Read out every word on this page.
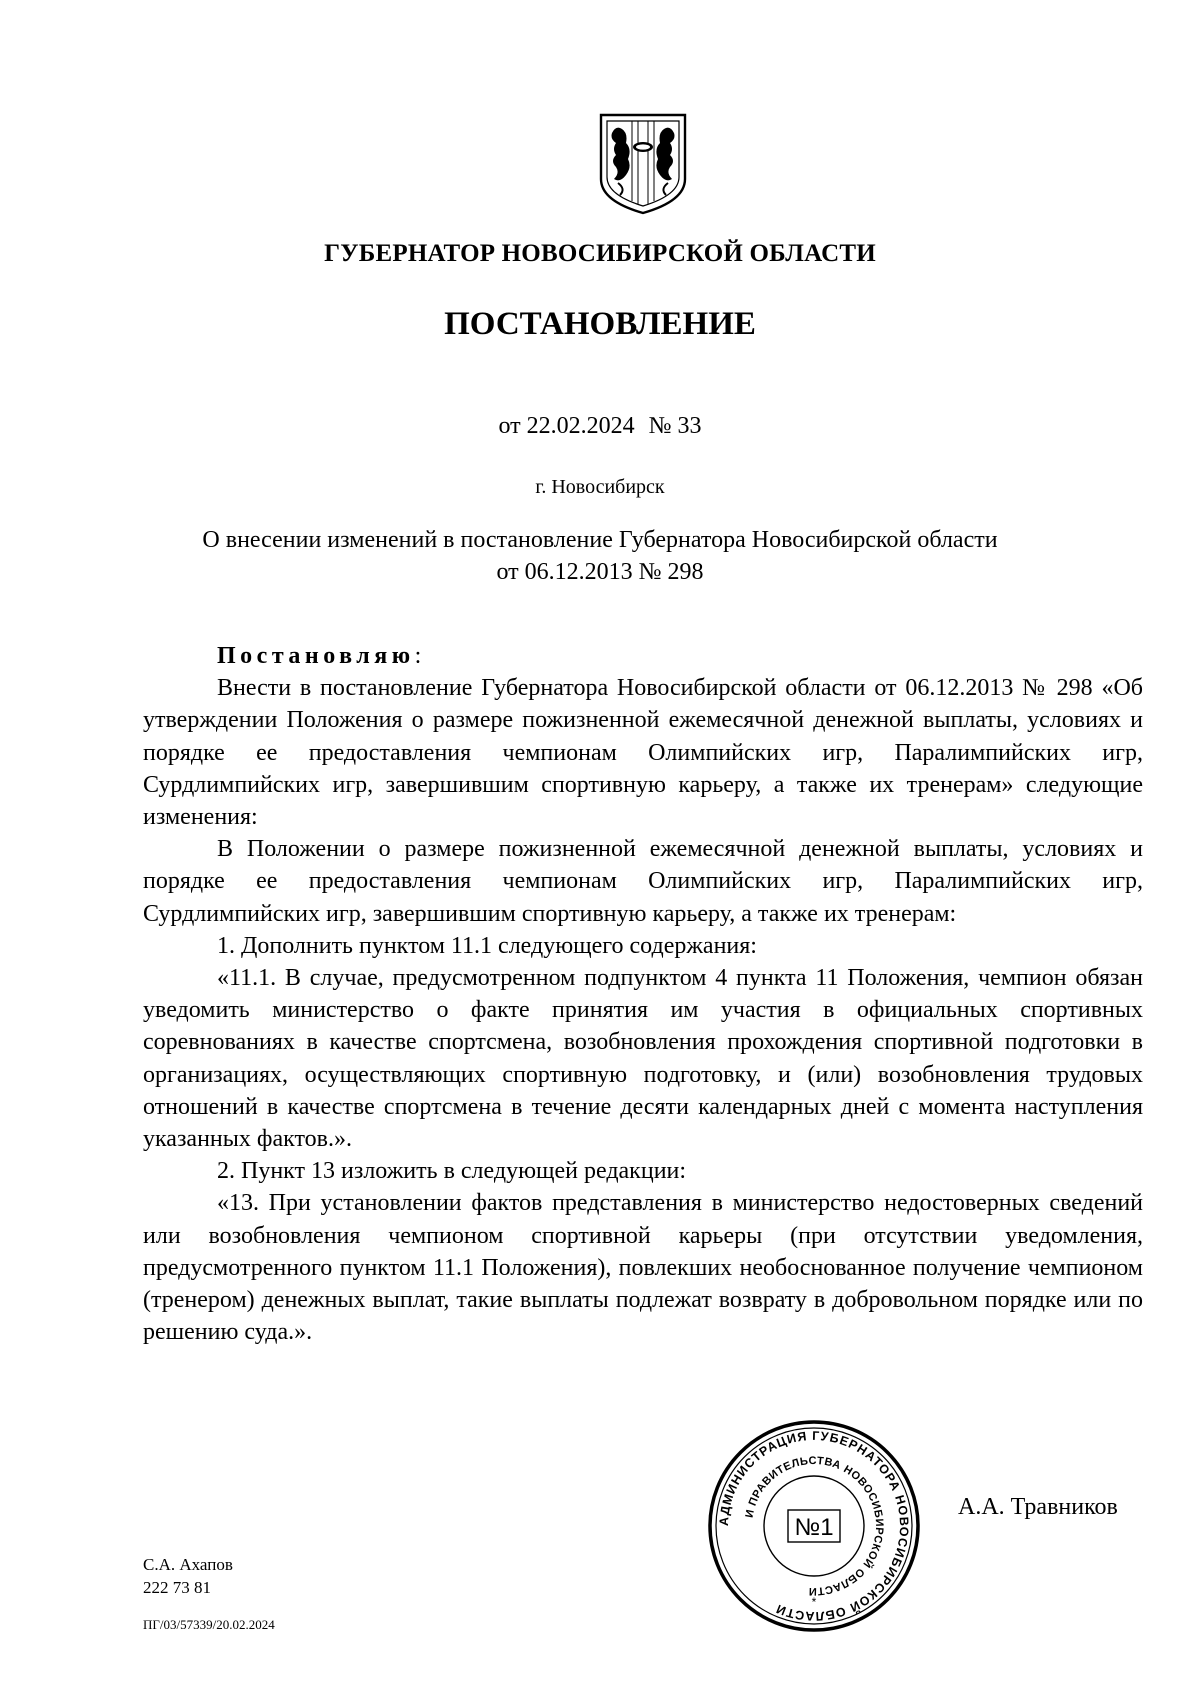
ГУБЕРНАТОР НОВОСИБИРСКОЙ ОБЛАСТИ
ПОСТАНОВЛЕНИЕ
от 22.02.2024 № 33
г. Новосибирск
О внесении изменений в постановление Губернатора Новосибирской области
от 06.12.2013 № 298
Постановляю:

Внести в постановление Губернатора Новосибирской области от 06.12.2013 № 298 «Об утверждении Положения о размере пожизненной ежемесячной денежной выплаты, условиях и порядке ее предоставления чемпионам Олимпийских игр, Паралимпийских игр, Сурдлимпийских игр, завершившим спортивную карьеру, а также их тренерам» следующие изменения:

В Положении о размере пожизненной ежемесячной денежной выплаты, условиях и порядке ее предоставления чемпионам Олимпийских игр, Паралимпийских игр, Сурдлимпийских игр, завершившим спортивную карьеру, а также их тренерам:

1. Дополнить пунктом 11.1 следующего содержания:

«11.1. В случае, предусмотренном подпунктом 4 пункта 11 Положения, чемпион обязан уведомить министерство о факте принятия им участия в официальных спортивных соревнованиях в качестве спортсмена, возобновления прохождения спортивной подготовки в организациях, осуществляющих спортивную подготовку, и (или) возобновления трудовых отношений в качестве спортсмена в течение десяти календарных дней с момента наступления указанных фактов.».

2. Пункт 13 изложить в следующей редакции:

«13. При установлении фактов представления в министерство недостоверных сведений или возобновления чемпионом спортивной карьеры (при отсутствии уведомления, предусмотренного пунктом 11.1 Положения), повлекших необоснованное получение чемпионом (тренером) денежных выплат, такие выплаты подлежат возврату в добровольном порядке или по решению суда.».

АДМИНИСТРАЦИЯ ГУБЕРНАТОРА НОВОСИБИРСКОЙ ОБЛАСТИ
И ПРАВИТЕЛЬСТВА НОВОСИБИРСКОЙ ОБЛАСТИ
№1
*
А.А. Травников
С.А. Ахапов
222 73 81
ПГ/03/57339/20.02.2024
